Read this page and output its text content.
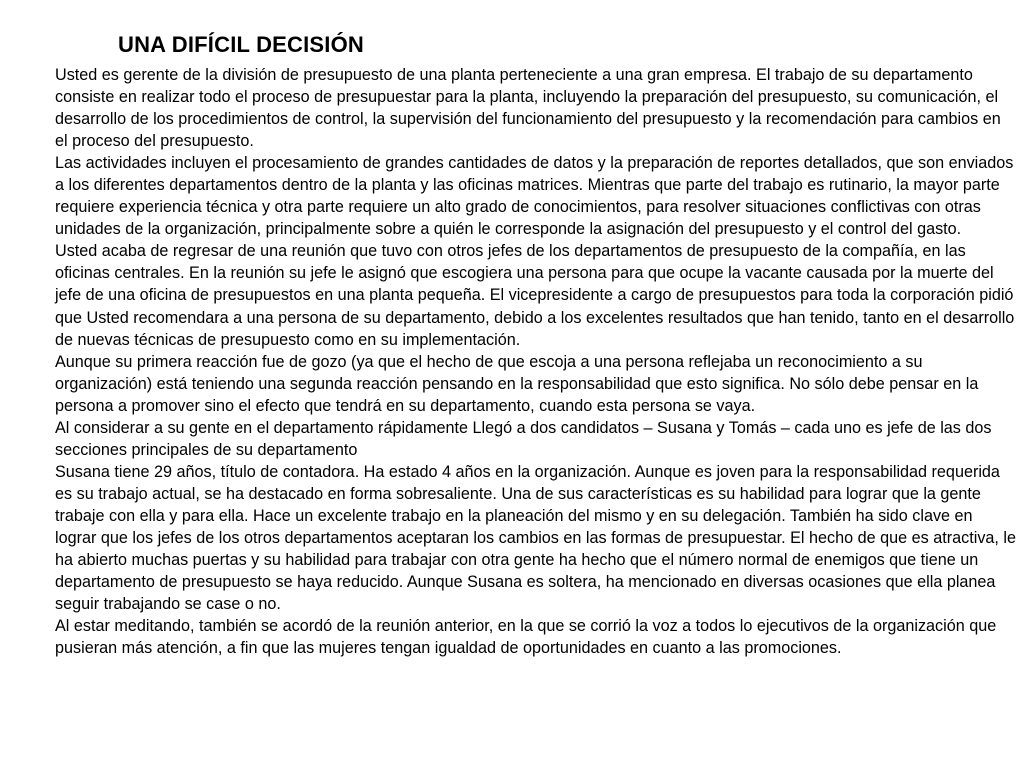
UNA DIFÍCIL DECISIÓN

Usted es gerente de la división de presupuesto de una planta perteneciente a una gran empresa. El trabajo de su departamento consiste en realizar todo el proceso de presupuestar para la planta, incluyendo la preparación del presupuesto, su comunicación, el desarrollo de los procedimientos de control, la supervisión del funcionamiento del presupuesto y la recomendación para cambios en el proceso del presupuesto.

Las actividades incluyen el procesamiento de grandes cantidades de datos y la preparación de reportes detallados, que son enviados a los diferentes departamentos dentro de la planta y las oficinas matrices. Mientras que parte del trabajo es rutinario, la mayor parte requiere experiencia técnica y otra parte requiere un alto grado de conocimientos, para resolver situaciones conflictivas con otras unidades de la organización, principalmente sobre a quién le corresponde la asignación del presupuesto y el control del gasto.

Usted acaba de regresar de una reunión que tuvo con otros jefes de los departamentos de presupuesto de la compañía, en las oficinas centrales. En la reunión su jefe le asignó que escogiera una persona para que ocupe la vacante causada por la muerte del jefe de una oficina de presupuestos en una planta pequeña. El vicepresidente a cargo de presupuestos para toda la corporación pidió que Usted recomendara a una persona de su departamento, debido a los excelentes resultados que han tenido, tanto en el desarrollo de nuevas técnicas de presupuesto como en su implementación.

Aunque su primera reacción fue de gozo (ya que el hecho de que escoja a una persona reflejaba un reconocimiento a su organización) está teniendo una segunda reacción pensando en la responsabilidad que esto significa. No sólo debe pensar en la persona a promover sino el efecto que tendrá en su departamento, cuando esta persona se vaya.

Al considerar a su gente en el departamento rápidamente Llegó a dos candidatos – Susana y Tomás – cada uno es jefe de las dos secciones principales de su departamento

Susana tiene 29 años, título de contadora. Ha estado 4 años en la organización. Aunque es joven para la responsabilidad requerida es su trabajo actual, se ha destacado en forma sobresaliente. Una de sus características es su habilidad para lograr que la gente trabaje con ella y para ella. Hace un excelente trabajo en la planeación del mismo y en su delegación. También ha sido clave en lograr que los jefes de los otros departamentos aceptaran los cambios en las formas de presupuestar. El hecho de que es atractiva, le ha abierto muchas puertas y su habilidad para trabajar con otra gente ha hecho que el número normal de enemigos que tiene un departamento de presupuesto se haya reducido. Aunque Susana es soltera, ha mencionado en diversas ocasiones que ella planea seguir trabajando se case o no.

Al estar meditando, también se acordó de la reunión anterior, en la que se corrió la voz a todos lo ejecutivos de la organización que pusieran más atención, a fin que las mujeres tengan igualdad de oportunidades en cuanto a las promociones.
